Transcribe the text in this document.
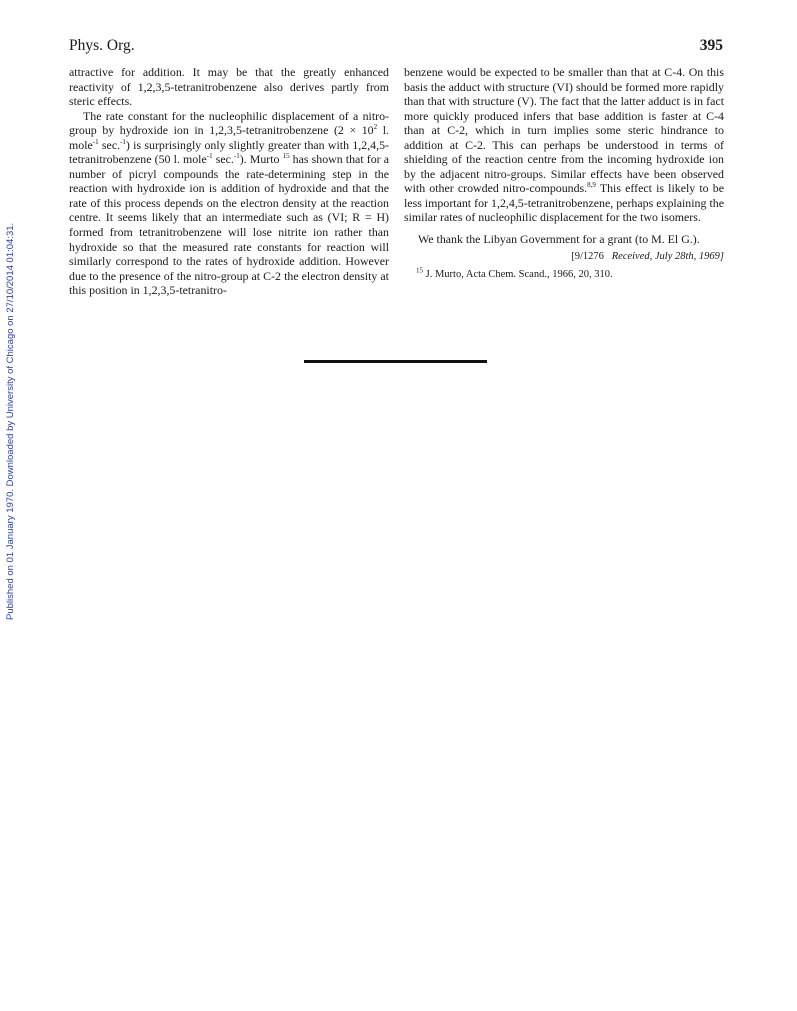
Published on 01 January 1970. Downloaded by University of Chicago on 27/10/2014 01:04:31.
Phys. Org.	395

attractive for addition. It may be that the greatly enhanced reactivity of 1,2,3,5-tetranitrobenzene also derives partly from steric effects.

The rate constant for the nucleophilic displacement of a nitro-group by hydroxide ion in 1,2,3,5-tetranitrobenzene ($2 \times 10^2$ l. mole$^{-1}$ sec.$^{-1}$) is surprisingly only slightly greater than with 1,2,4,5-tetranitrobenzene (50 l. mole$^{-1}$ sec.$^{-1}$). Murto $^{15}$ has shown that for a number of picryl compounds the rate-determining step in the reaction with hydroxide ion is addition of hydroxide and that the rate of this process depends on the electron density at the reaction centre. It seems likely that an intermediate such as (VI; R = H) formed from tetranitrobenzene will lose nitrite ion rather than hydroxide so that the measured rate constants for reaction will similarly correspond to the rates of hydroxide addition. However due to the presence of the nitro-group at C-2 the electron density at this position in 1,2,3,5-tetranitro-

benzene would be expected to be smaller than that at C-4. On this basis the adduct with structure (VI) should be formed more rapidly than that with structure (V). The fact that the latter adduct is in fact more quickly produced infers that base addition is faster at C-4 than at C-2, which in turn implies some steric hindrance to addition at C-2. This can perhaps be understood in terms of shielding of the reaction centre from the incoming hydroxide ion by the adjacent nitro-groups. Similar effects have been observed with other crowded nitro-compounds.$^{8,9}$ This effect is likely to be less important for 1,2,4,5-tetranitrobenzene, perhaps explaining the similar rates of nucleophilic displacement for the two isomers.

We thank the Libyan Government for a grant (to M. El G.).

[9/1276 Received, July 28th, 1969]

$^{15}$ J. Murto, Acta Chem. Scand., 1966, 20, 310.
